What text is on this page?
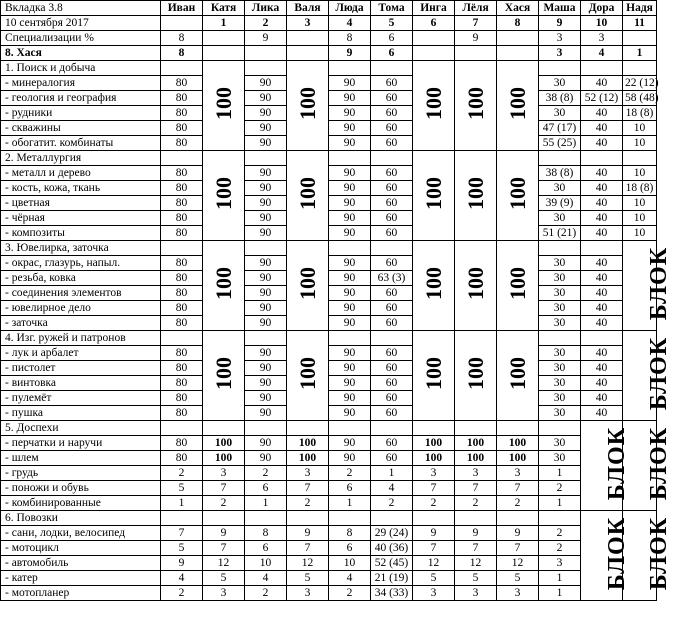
Вкладка 3.8	Иван	Катя	Лика	Валя	Люда	Тома	Инга	Лёля	Хася	Маша	Дора	Надя
10 сентября 2017		1	2	3	4	5	6	7	8	9	10	11
Специализации %	8		9		8	6		9		3	3	
8. Хася	8				9	6				3	4	1
1. Поиск и добыча		100		100			100	100	100			
- минералогия	80		90		90	60				30	40	22 (12)
- геология и география	80		90		90	60				38 (8)	52 (12)	58 (48)
- рудники	80		90		90	60				30	40	18 (8)
- скважины	80		90		90	60				47 (17)	40	10
- обогатит. комбинаты	80		90		90	60				55 (25)	40	10
2. Металлургия		100		100			100	100	100			
- металл и дерево	80		90		90	60				38 (8)	40	10
- кость, кожа, ткань	80		90		90	60				30	40	18 (8)
- цветная	80		90		90	60				39 (9)	40	10
- чёрная	80		90		90	60				30	40	10
- композиты	80		90		90	60				51 (21)	40	10
3. Ювелирка, заточка		100		100			100	100	100			БЛОК
- окрас, глазурь, напыл.	80		90		90	60				30	40	
- резьба, ковка	80		90		90	63 (3)				30	40	
- соединения элементов	80		90		90	60				30	40	
- ювелирное дело	80		90		90	60				30	40	
- заточка	80		90		90	60				30	40	
4. Изг. ружей и патронов		100		100			100	100	100			БЛОК
- лук и арбалет	80		90		90	60				30	40	
- пистолет	80		90		90	60				30	40	
- винтовка	80		90		90	60				30	40	
- пулемёт	80		90		90	60				30	40	
- пушка	80		90		90	60				30	40	
5. Доспехи											БЛОК	БЛОК
- перчатки и наручи	80	100	90	100	90	60	100	100	100	30		
- шлем	80	100	90	100	90	60	100	100	100	30		
- грудь	2	3	2	3	2	1	3	3	3	1		
- поножи и обувь	5	7	6	7	6	4	7	7	7	2		
- комбинированные	1	2	1	2	1	2	2	2	2	1		
6. Повозки											БЛОК	БЛОК
- сани, лодки, велосипед	7	9	8	9	8	29 (24)	9	9	9	2		
- мотоцикл	5	7	6	7	6	40 (36)	7	7	7	2		
- автомобиль	9	12	10	12	10	52 (45)	12	12	12	3		
- катер	4	5	4	5	4	21 (19)	5	5	5	1		
- мотопланер	2	3	2	3	2	34 (33)	3	3	3	1		
